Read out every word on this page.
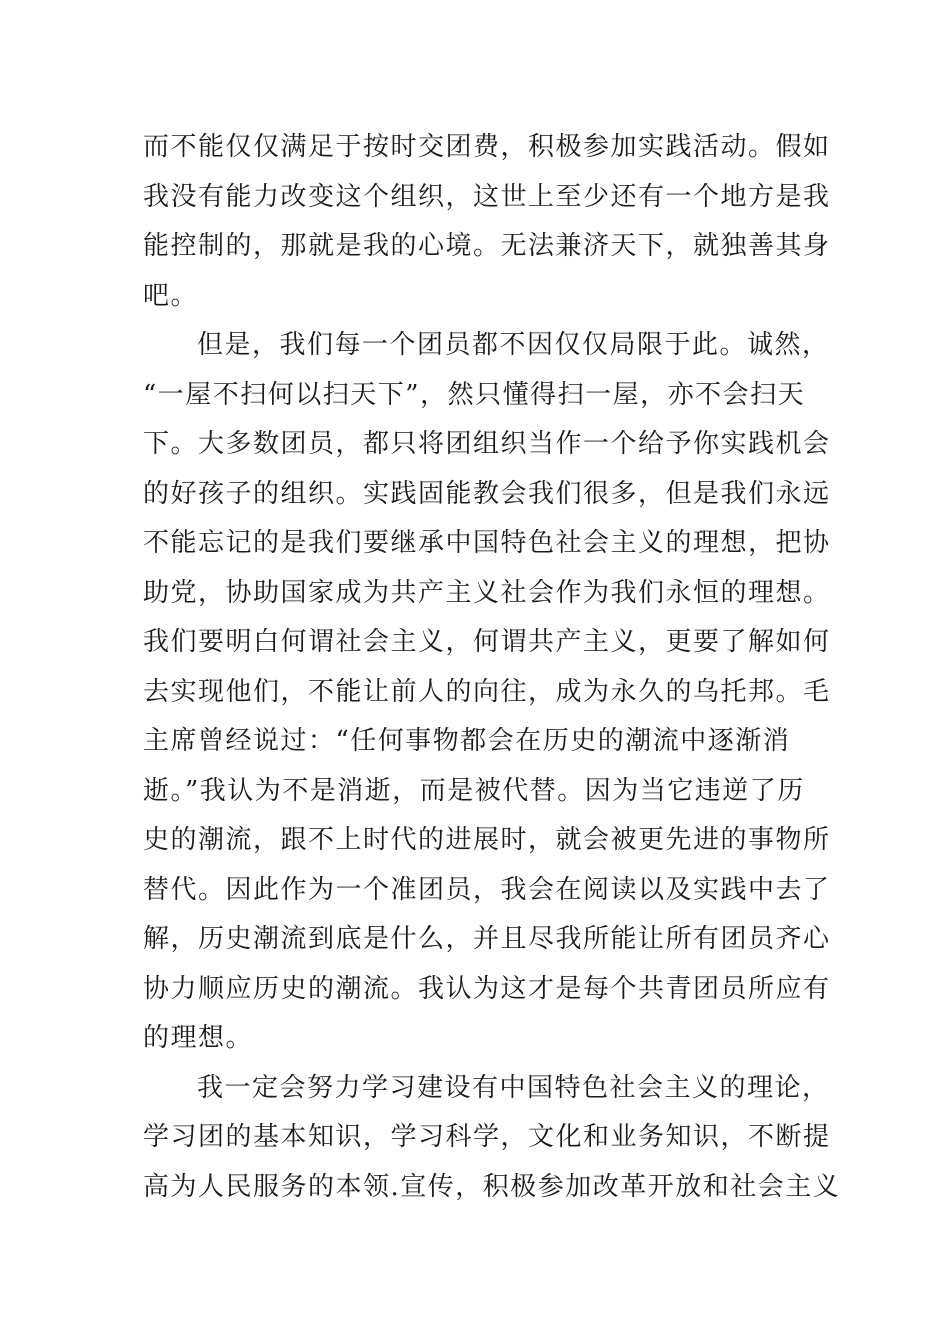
而不能仅仅满足于按时交团费，积极参加实践活动。假如
我没有能力改变这个组织，这世上至少还有一个地方是我
能控制的，那就是我的心境。无法兼济天下，就独善其身
吧。
但是，我们每一个团员都不因仅仅局限于此。诚然，
“一屋不扫何以扫天下”，然只懂得扫一屋，亦不会扫天
下。大多数团员，都只将团组织当作一个给予你实践机会
的好孩子的组织。实践固能教会我们很多，但是我们永远
不能忘记的是我们要继承中国特色社会主义的理想，把协
助党，协助国家成为共产主义社会作为我们永恒的理想。
我们要明白何谓社会主义，何谓共产主义，更要了解如何
去实现他们，不能让前人的向往，成为永久的乌托邦。毛
主席曾经说过：“任何事物都会在历史的潮流中逐渐消
逝。”我认为不是消逝，而是被代替。因为当它违逆了历
史的潮流，跟不上时代的进展时，就会被更先进的事物所
替代。因此作为一个准团员，我会在阅读以及实践中去了
解，历史潮流到底是什么，并且尽我所能让所有团员齐心
协力顺应历史的潮流。我认为这才是每个共青团员所应有
的理想。
我一定会努力学习建设有中国特色社会主义的理论，
学习团的基本知识，学习科学，文化和业务知识，不断提
高为人民服务的本领.宣传，积极参加改革开放和社会主义
